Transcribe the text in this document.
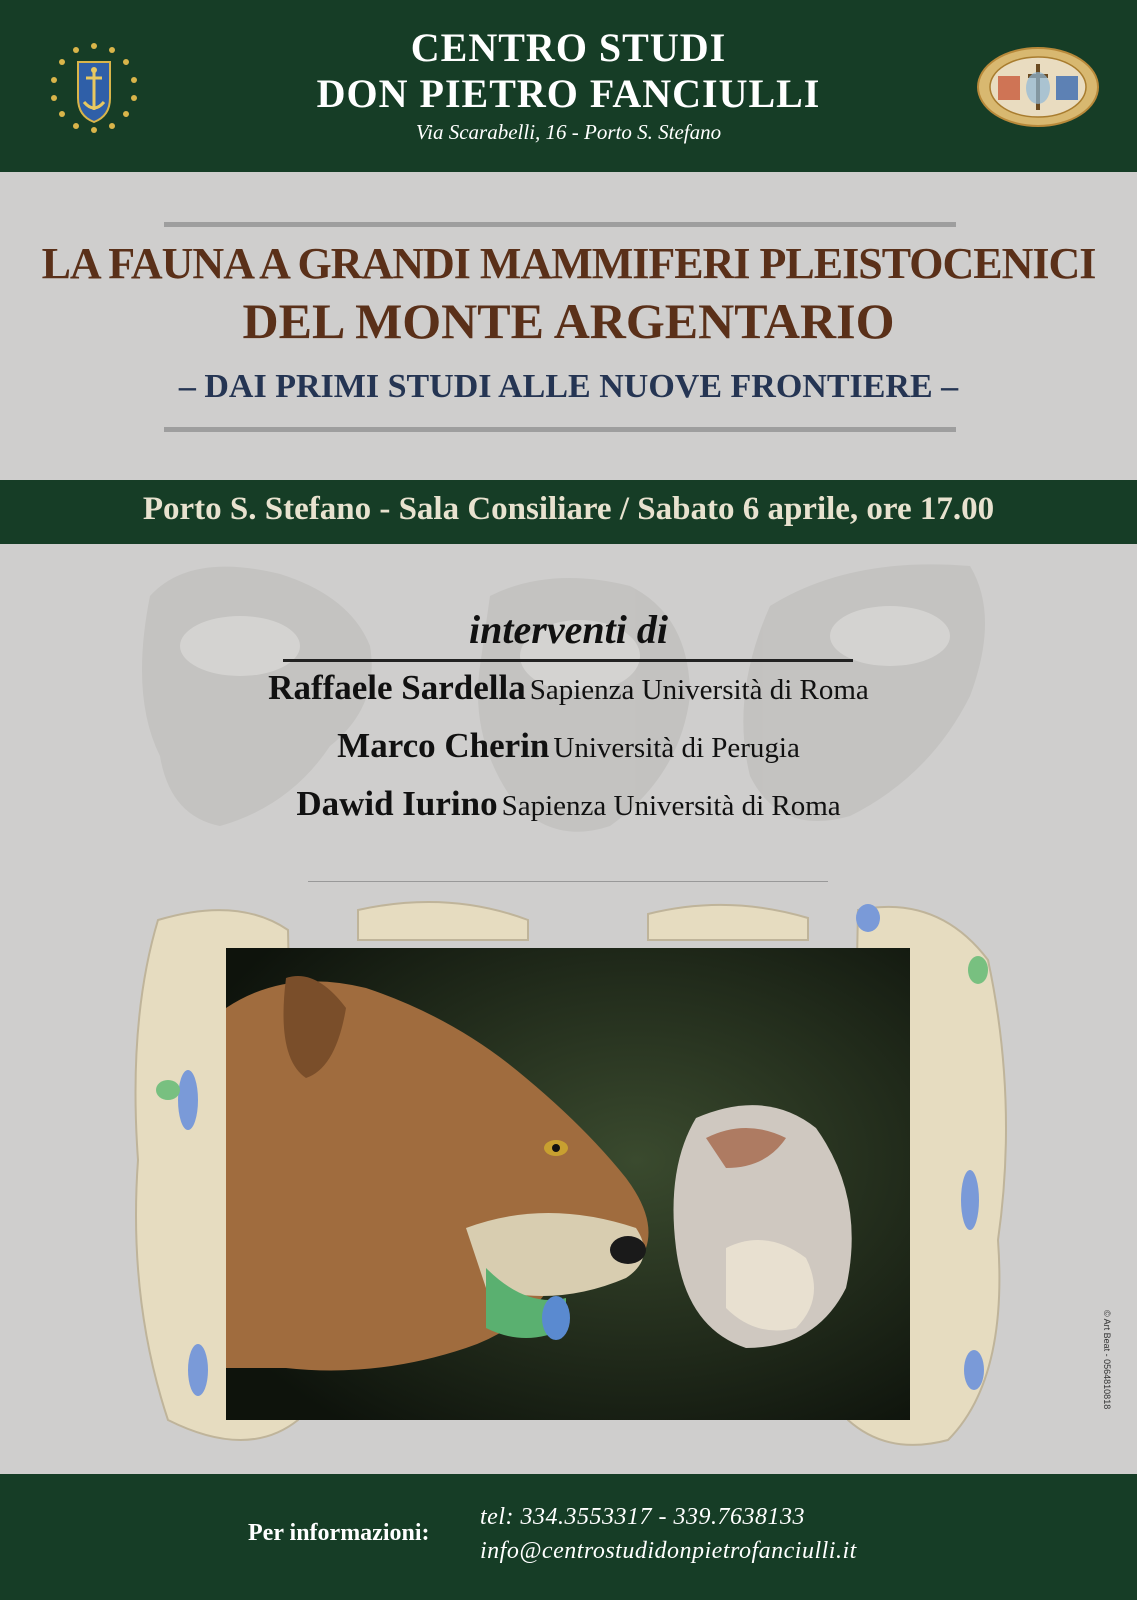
CENTRO STUDI
DON PIETRO FANCIULLI
Via Scarabelli, 16 - Porto S. Stefano
LA FAUNA A GRANDI MAMMIFERI PLEISTOCENICI
DEL MONTE ARGENTARIO
– DAI PRIMI STUDI ALLE NUOVE FRONTIERE –
Porto S. Stefano - Sala Consiliare / Sabato 6 aprile, ore 17.00
interventi di
Raffaele Sardella Sapienza Università di Roma
Marco Cherin Università di Perugia
Dawid Iurino Sapienza Università di Roma
© Art Beat - 0564810818
Per informazioni:
tel: 334.3553317 - 339.7638133
info@centrostudidonpietrofanciulli.it
